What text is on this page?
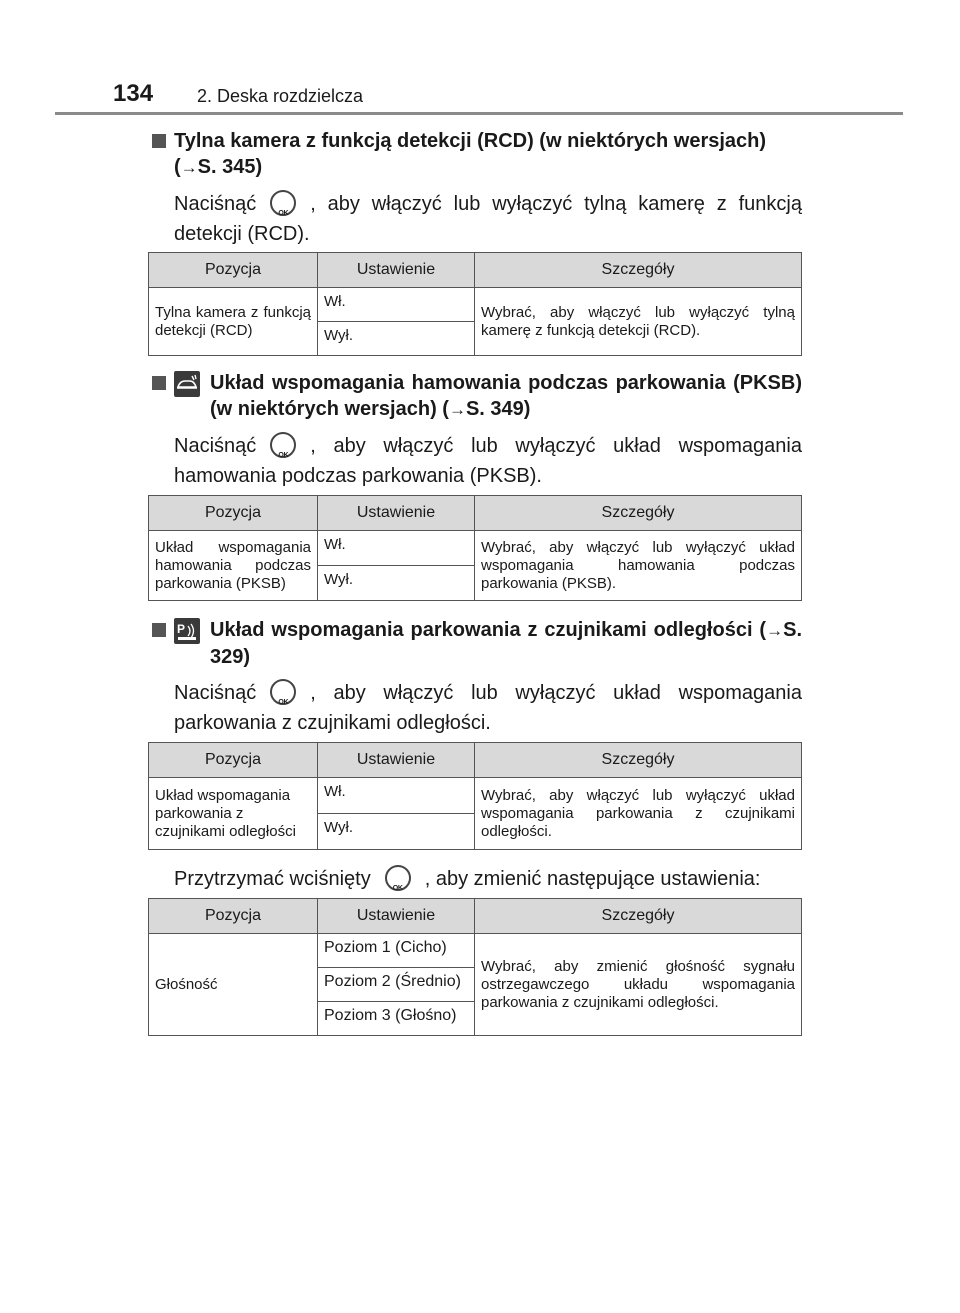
134 2. Deska rozdzielcza
Tylna kamera z funkcją detekcji (RCD) (w niektórych wersjach)
(→S. 345)
Naciśnąć OK	, aby włączyć lub wyłączyć tylną kamerę z funkcją detekcji (RCD).
Pozycja	Ustawienie	Szczegóły
Tylna kamera z funkcją detekcji (RCD)	Wł.	Wybrać, aby włączyć lub wyłączyć tylną kamerę z funkcją detekcji (RCD).
	Wył.	
Układ wspomagania hamowania podczas parkowania (PKSB) (w niektórych wersjach) (→S. 349)
Naciśnąć OK	, aby włączyć lub wyłączyć układ wspomagania hamowania podczas parkowania (PKSB).
Pozycja	Ustawienie	Szczegóły
Układ wspomagania hamowania podczas parkowania (PKSB)	Wł.	Wybrać, aby włączyć lub wyłączyć układ wspomagania hamowania podczas parkowania (PKSB).
	Wył.	
P Układ wspomagania parkowania z czujnikami odległości (→S. 329)
Naciśnąć OK	, aby włączyć lub wyłączyć układ wspomagania parkowania z czujnikami odległości.
Pozycja	Ustawienie	Szczegóły
Układ wspomagania parkowania z czujnikami odległości	Wł.	Wybrać, aby włączyć lub wyłączyć układ wspomagania parkowania z czujnikami odległości.
	Wył.	
Przytrzymać wciśnięty OK	, aby zmienić następujące ustawienia:
Pozycja	Ustawienie	Szczegóły
Głośność	Poziom 1 (Cicho)	Wybrać, aby zmienić głośność sygnału ostrzegawczego układu wspomagania parkowania z czujnikami odległości.
	Poziom 2 (Średnio)	
	Poziom 3 (Głośno)	
